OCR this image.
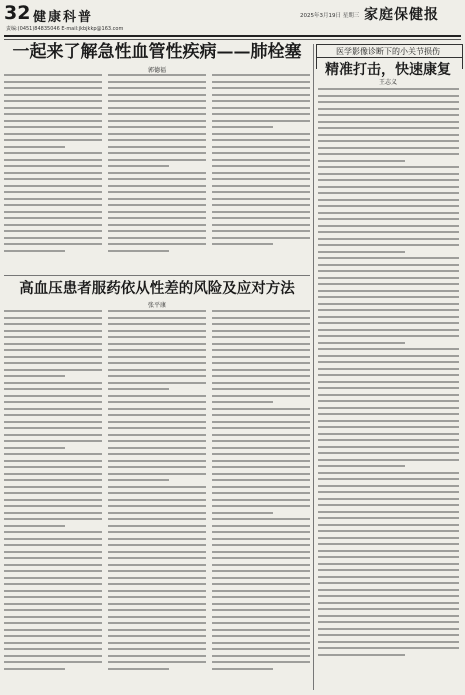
32 健康科普
责编:(0451)84835046 E-mail:jkbjkkp@163.com
2025年3月19日 星期三 家庭保健报
一起来了解急性血管性疾病——肺栓塞
郭德福
高血压患者服药依从性差的风险及应对方法
张平康
医学影像诊断下的小关节损伤
精准打击，快速康复
王志义
